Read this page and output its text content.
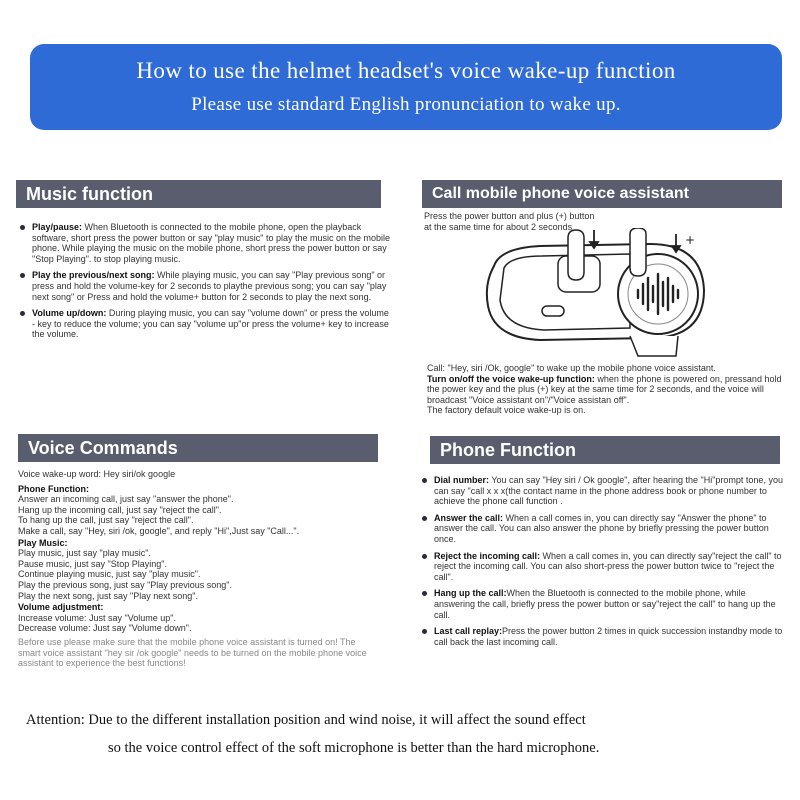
How to use the helmet headset's voice wake-up function
Please use standard English pronunciation to wake up.
Music function
Play/pause: When Bluetooth is connected to the mobile phone, open the playback software, short press the power button or say "play music" to play the music on the mobile phone. While playing the music on the mobile phone, short press the power button or say "Stop Playing". to stop playing music.
Play the previous/next song: While playing music, you can say "Play previous song" or press and hold the volume-key for 2 seconds to playthe previous song; you can say "play next song" or Press and hold the volume+ button for 2 seconds to play the next song.
Volume up/down: During playing music, you can say "volume down" or press the volume - key to reduce the volume; you can say "volume up"or press the volume+ key to increase the volume.
Call mobile phone voice assistant
Press the power button and plus (+) button
at the same time for about 2 seconds
+
Call: "Hey, siri /Ok, google" to wake up the mobile phone voice assistant.
Turn on/off the voice wake-up function: when the phone is powered on, pressand hold the power key and the plus (+) key at the same time for 2 seconds, and the voice will broadcast "Voice assistant on"/"Voice assistan off".
The factory default voice wake-up is on.
Voice Commands
Voice wake-up word: Hey siri/ok google
Phone Function:
Answer an incoming call, just say "answer the phone".
Hang up the incoming call, just say "reject the call".
To hang up the call, just say "reject the call".
Make a call, say "Hey, siri /ok, google", and reply "Hi",Just say "Call...".
Play Music:
Play music, just say "play music".
Pause music, just say "Stop Playing".
Continue playing music, just say "play music".
Play the previous song, just say "Play previous song".
Play the next song, just say "Play next song".
Volume adjustment:
Increase volume: Just say "Volume up".
Decrease volume: Just say "Volume down".
Before use please make sure that the mobile phone voice assistant is turned on! The smart voice assistant "hey sir /ok google" needs to be turned on the mobile phone voice assistant to experience the best functions!
Phone Function
Dial number: You can say "Hey siri / Ok google", after hearing the "Hi"prompt tone, you can say "call x x x(the contact name in the phone address book or phone number to achieve the phone call function .
Answer the call: When a call comes in, you can directly say "Answer the phone" to answer the call. You can also answer the phone by briefly pressing the power button once.
Reject the incoming call: When a call comes in, you can directly say"reject the call" to reject the incoming call. You can also short-press the power button twice to "reject the call".
Hang up the call:When the Bluetooth is connected to the mobile phone, while answering the call, briefly press the power button or say"reject the call" to hang up the call.
Last call replay:Press the power button 2 times in quick succession instandby mode to call back the last incoming call.
Attention: Due to the different installation position and wind noise, it will affect the sound effect
so the voice control effect of the soft microphone is better than the hard microphone.
